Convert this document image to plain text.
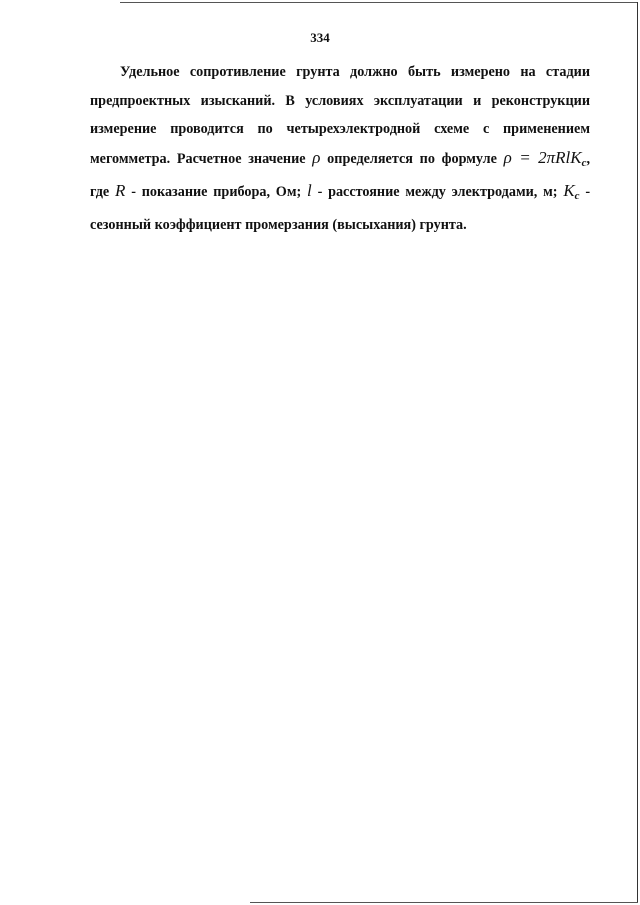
334
Удельное сопротивление грунта должно быть измерено на стадии
предпроектных изысканий. В условиях эксплуатации и реконструкции
измерение проводится по четырехэлектродной схеме с применением
мегомметра. Расчетное значение ρ определяется по формуле ρ = 2πRlK$_c$,
где R - показание прибора, Ом; l - расстояние между электродами, м; $K_c$ -
сезонный коэффициент промерзания (высыхания) грунта.
